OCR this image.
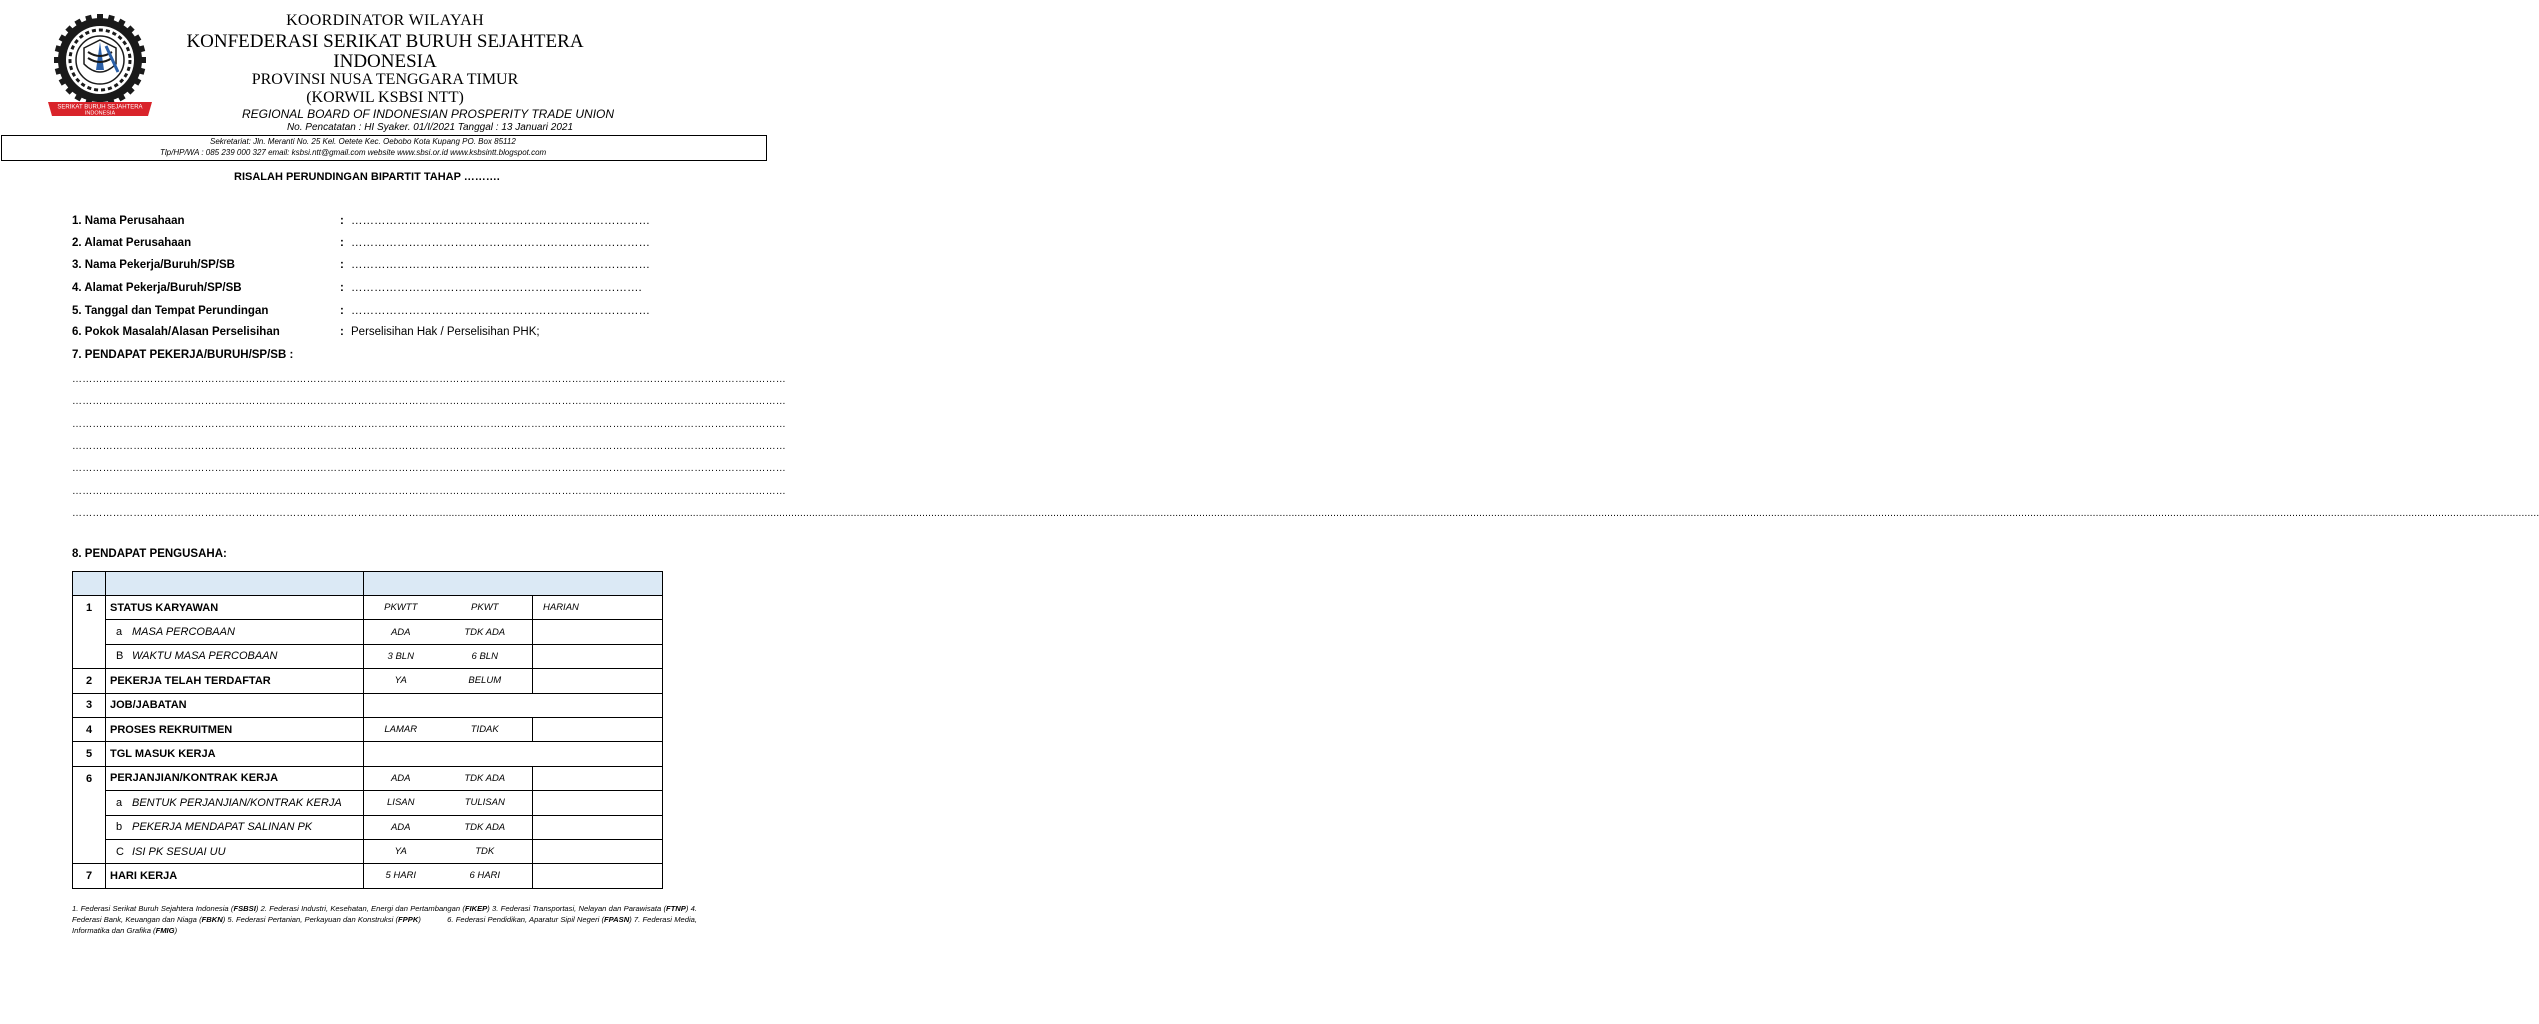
SERIKAT BURUH SEJAHTERA
INDONESIA
KOORDINATOR WILAYAH
KONFEDERASI SERIKAT BURUH SEJAHTERA
INDONESIA
PROVINSI NUSA TENGGARA TIMUR
(KORWIL KSBSI NTT)
REGIONAL BOARD OF INDONESIAN PROSPERITY TRADE UNION
No. Pencatatan : HI Syaker. 01/I/2021 Tanggal : 13 Januari 2021
Sekretariat: Jln. Meranti No. 25 Kel. Oetete Kec. Oebobo Kota Kupang PO. Box 85112
Tlp/HP/WA : 085 239 000 327 email: ksbsi.ntt@gmail.com website www.sbsi.or.id www.ksbsintt.blogspot.com
RISALAH PERUNDINGAN BIPARTIT TAHAP ……….
1. Nama Perusahaan	: ……………………………………………………………………
2. Alamat Perusahaan	: ……………………………………………………………………
3. Nama Pekerja/Buruh/SP/SB	: ……………………………………………………………………
4. Alamat Pekerja/Buruh/SP/SB	: ………………………………………………………………….
5. Tanggal dan Tempat Perundingan	: ……………………………………………………………………
6. Pokok Masalah/Alasan Perselisihan	: Perselisihan Hak / Perselisihan PHK;
7. PENDAPAT PEKERJA/BURUH/SP/SB :
…………………………………………………………………………………………………………………………………………………………………………………………
…………………………………………………………………………………………………………………………………………………………………………………………
…………………………………………………………………………………………………………………………………………………………………………………………
…………………………………………………………………………………………………………………………………………………………………………………………
…………………………………………………………………………………………………………………………………………………………………………………………
…………………………………………………………………………………………………………………………………………………………………………………………
…………………………………………………………………………………………........................................................................................................................................................................................................................................................................................................................................................................................................................................................................................................................................................................................................................................................................................................................................
8. PENDAPAT PENGUSAHA:

1	STATUS KARYAWAN	PKWTT	PKWT	HARIAN
	a MASA PERCOBAAN	ADA	TDK ADA	
	B WAKTU MASA PERCOBAAN	3 BLN	6 BLN	
2	PEKERJA TELAH TERDAFTAR	YA	BELUM	
3	JOB/JABATAN			
4	PROSES REKRUITMEN	LAMAR	TIDAK	
5	TGL MASUK KERJA			
6	PERJANJIAN/KONTRAK KERJA	ADA	TDK ADA	
	a BENTUK PERJANJIAN/KONTRAK KERJA	LISAN	TULISAN	
	b PEKERJA MENDAPAT SALINAN PK	ADA	TDK ADA	
	C ISI PK SESUAI UU	YA	TDK	
7	HARI KERJA	5 HARI	6 HARI	
1. Federasi Serikat Buruh Sejahtera Indonesia (FSBSI) 2. Federasi Industri, Kesehatan, Energi dan Pertambangan (FIKEP) 3. Federasi Transportasi, Nelayan dan Parawisata (FTNP) 4. Federasi Bank, Keuangan dan Niaga (FBKN) 5. Federasi Pertanian, Perkayuan dan Konstruksi (FPPK)            6. Federasi Pendidikan, Aparatur Sipil Negeri (FPASN) 7. Federasi Media, Informatika dan Grafika (FMIG)
